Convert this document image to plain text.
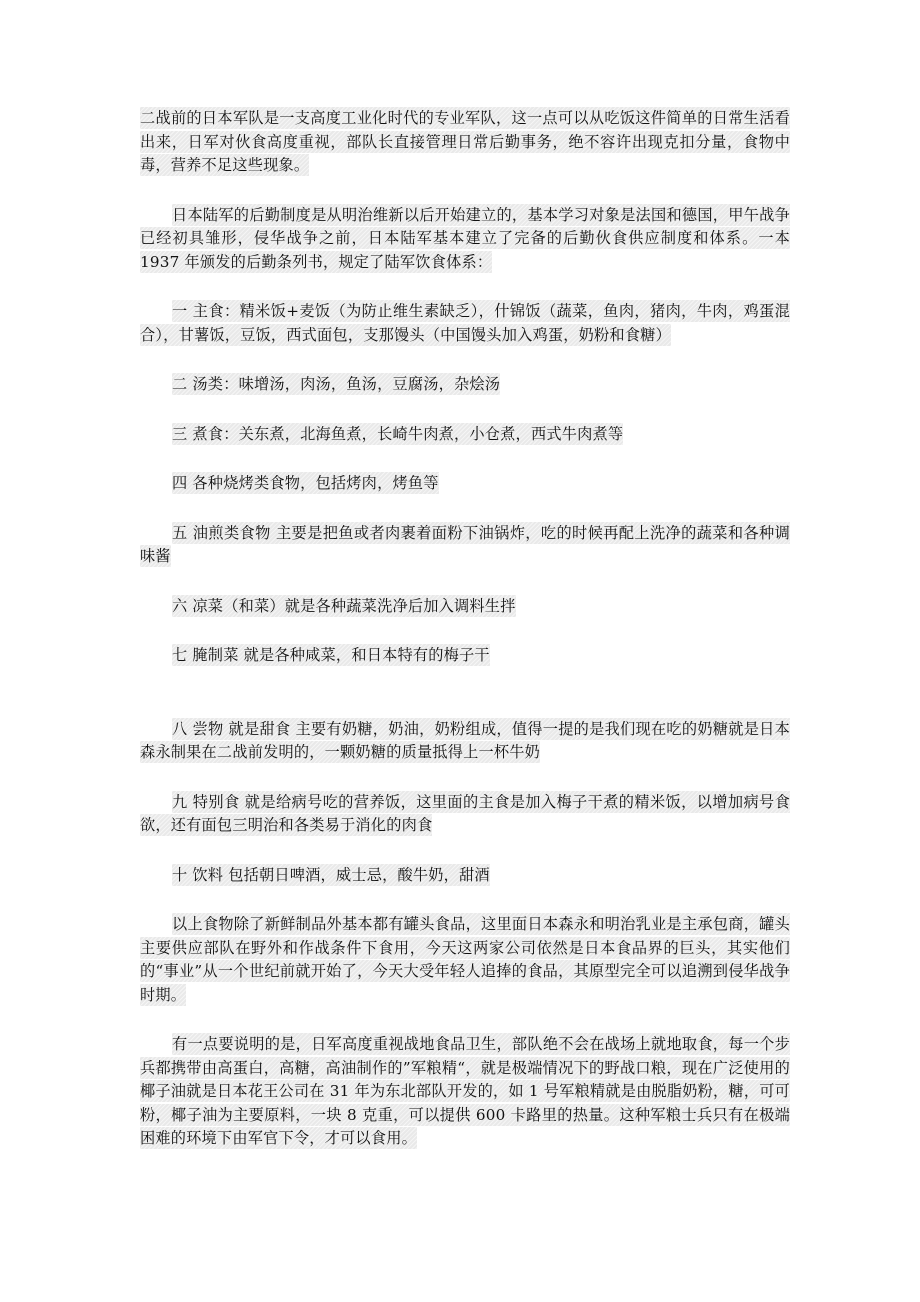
二战前的日本军队是一支高度工业化时代的专业军队，这一点可以从吃饭这件简单的日常生活看出来，日军对伙食高度重视，部队长直接管理日常后勤事务，绝不容许出现克扣分量，食物中毒，营养不足这些现象。

日本陆军的后勤制度是从明治维新以后开始建立的，基本学习对象是法国和德国，甲午战争已经初具雏形，侵华战争之前，日本陆军基本建立了完备的后勤伙食供应制度和体系。一本 1937 年颁发的后勤条列书，规定了陆军饮食体系：

一 主食：精米饭+麦饭（为防止维生素缺乏），什锦饭（蔬菜，鱼肉，猪肉，牛肉，鸡蛋混合），甘薯饭，豆饭，西式面包，支那馒头（中国馒头加入鸡蛋，奶粉和食糖）

二 汤类：味增汤，肉汤，鱼汤，豆腐汤，杂烩汤

三 煮食：关东煮，北海鱼煮，长崎牛肉煮，小仓煮，西式牛肉煮等

四 各种烧烤类食物，包括烤肉，烤鱼等

五 油煎类食物 主要是把鱼或者肉裹着面粉下油锅炸，吃的时候再配上洗净的蔬菜和各种调味酱

六 凉菜（和菜）就是各种蔬菜洗净后加入调料生拌

七 腌制菜 就是各种咸菜，和日本特有的梅子干

八 尝物 就是甜食 主要有奶糖，奶油，奶粉组成，值得一提的是我们现在吃的奶糖就是日本森永制果在二战前发明的，一颗奶糖的质量抵得上一杯牛奶

九 特别食 就是给病号吃的营养饭，这里面的主食是加入梅子干煮的精米饭，以增加病号食欲，还有面包三明治和各类易于消化的肉食

十 饮料 包括朝日啤酒，威士忌，酸牛奶，甜酒

以上食物除了新鲜制品外基本都有罐头食品，这里面日本森永和明治乳业是主承包商，罐头主要供应部队在野外和作战条件下食用，今天这两家公司依然是日本食品界的巨头，其实他们的“事业”从一个世纪前就开始了，今天大受年轻人追捧的食品，其原型完全可以追溯到侵华战争时期。

有一点要说明的是，日军高度重视战地食品卫生，部队绝不会在战场上就地取食，每一个步兵都携带由高蛋白，高糖，高油制作的”军粮精“，就是极端情况下的野战口粮，现在广泛使用的椰子油就是日本花王公司在 31 年为东北部队开发的，如 1 号军粮精就是由脱脂奶粉，糖，可可粉，椰子油为主要原料，一块 8 克重，可以提供 600 卡路里的热量。这种军粮士兵只有在极端困难的环境下由军官下令，才可以食用。
